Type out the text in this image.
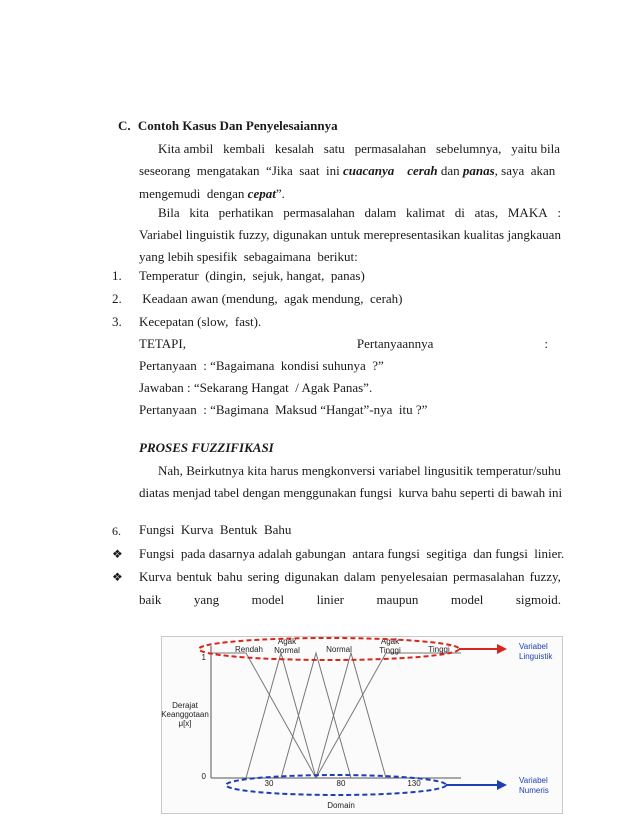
C. Contoh Kasus Dan Penyelesaiannya
Kita ambil kembali kesalah satu permasalahan sebelumnya, yaitu bila
seseorang  mengatakan  “Jika  saat  ini cuacanya cerah dan panas, saya  akan
mengemudi  dengan cepat”.
Bila kita perhatikan permasalahan dalam kalimat di atas, MAKA :
Variabel linguistik fuzzy, digunakan untuk merepresentasikan kualitas jangkauan
yang lebih spesifik  sebagaimana  berikut:
1. Temperatur  (dingin,  sejuk, hangat,  panas)
2. Keadaan awan (mendung,  agak mendung,  cerah)
3. Kecepatan (slow,  fast).
TETAPI,	Pertanyaannya	:
Pertanyaan  : “Bagaimana  kondisi suhunya  ?”
Jawaban : “Sekarang Hangat  / Agak Panas”.
Pertanyaan  : “Bagimana  Maksud “Hangat”-nya  itu ?”
PROSES FUZZIFIKASI
Nah, Beirkutnya kita harus mengkonversi variabel lingusitik temperatur/suhu
diatas menjad tabel dengan menggunakan fungsi  kurva bahu seperti di bawah ini
6. Fungsi  Kurva  Bentuk  Bahu
❖ Fungsi  pada dasarnya adalah gabungan  antara fungsi  segitiga  dan fungsi  linier.
❖ Kurva bentuk bahu sering digunakan dalam penyelesaian permasalahan fuzzy,
baik yang model linier maupun model sigmoid.
Rendah
Agak
Normal	Normal
Agak
Tinggi	Tinggi	Variabel
Linguistik
1
0
Derajat
Keanggotaan
μ[x]
30	80	130	Variabel
Numeris
Domain
